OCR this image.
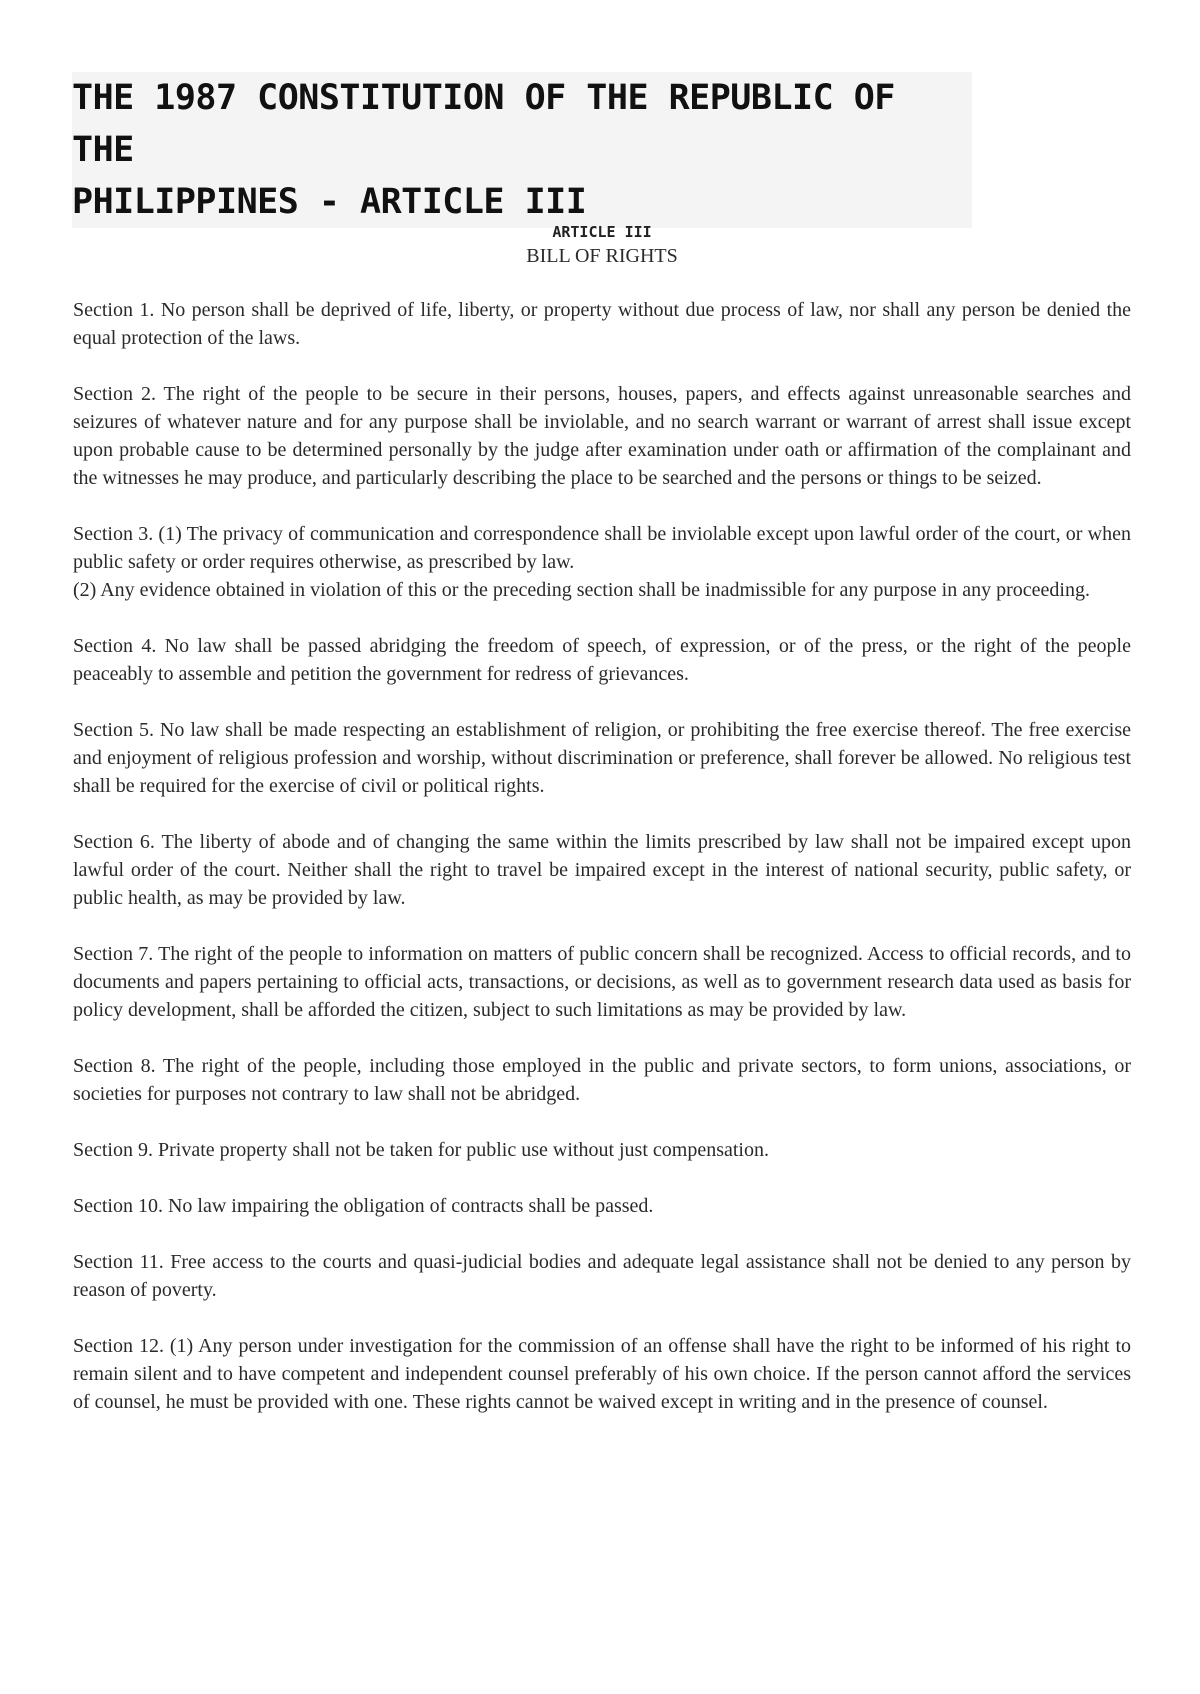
THE 1987 CONSTITUTION OF THE REPUBLIC OF THE
PHILIPPINES - ARTICLE III

ARTICLE III

BILL OF RIGHTS

Section 1. No person shall be deprived of life, liberty, or property without due process of law, nor shall any person be denied the equal protection of the laws.

Section 2. The right of the people to be secure in their persons, houses, papers, and effects against unreasonable searches and seizures of whatever nature and for any purpose shall be inviolable, and no search warrant or warrant of arrest shall issue except upon probable cause to be determined personally by the judge after examination under oath or affirmation of the complainant and the witnesses he may produce, and particularly describing the place to be searched and the persons or things to be seized.

Section 3. (1) The privacy of communication and correspondence shall be inviolable except upon lawful order of the court, or when public safety or order requires otherwise, as prescribed by law.

(2) Any evidence obtained in violation of this or the preceding section shall be inadmissible for any purpose in any proceeding.

Section 4. No law shall be passed abridging the freedom of speech, of expression, or of the press, or the right of the people peaceably to assemble and petition the government for redress of grievances.

Section 5. No law shall be made respecting an establishment of religion, or prohibiting the free exercise thereof. The free exercise and enjoyment of religious profession and worship, without discrimination or preference, shall forever be allowed. No religious test shall be required for the exercise of civil or political rights.

Section 6. The liberty of abode and of changing the same within the limits prescribed by law shall not be impaired except upon lawful order of the court. Neither shall the right to travel be impaired except in the interest of national security, public safety, or public health, as may be provided by law.

Section 7. The right of the people to information on matters of public concern shall be recognized. Access to official records, and to documents and papers pertaining to official acts, transactions, or decisions, as well as to government research data used as basis for policy development, shall be afforded the citizen, subject to such limitations as may be provided by law.

Section 8. The right of the people, including those employed in the public and private sectors, to form unions, associations, or societies for purposes not contrary to law shall not be abridged.

Section 9. Private property shall not be taken for public use without just compensation.

Section 10. No law impairing the obligation of contracts shall be passed.

Section 11. Free access to the courts and quasi-judicial bodies and adequate legal assistance shall not be denied to any person by reason of poverty.

Section 12. (1) Any person under investigation for the commission of an offense shall have the right to be informed of his right to remain silent and to have competent and independent counsel preferably of his own choice. If the person cannot afford the services of counsel, he must be provided with one. These rights cannot be waived except in writing and in the presence of counsel.
